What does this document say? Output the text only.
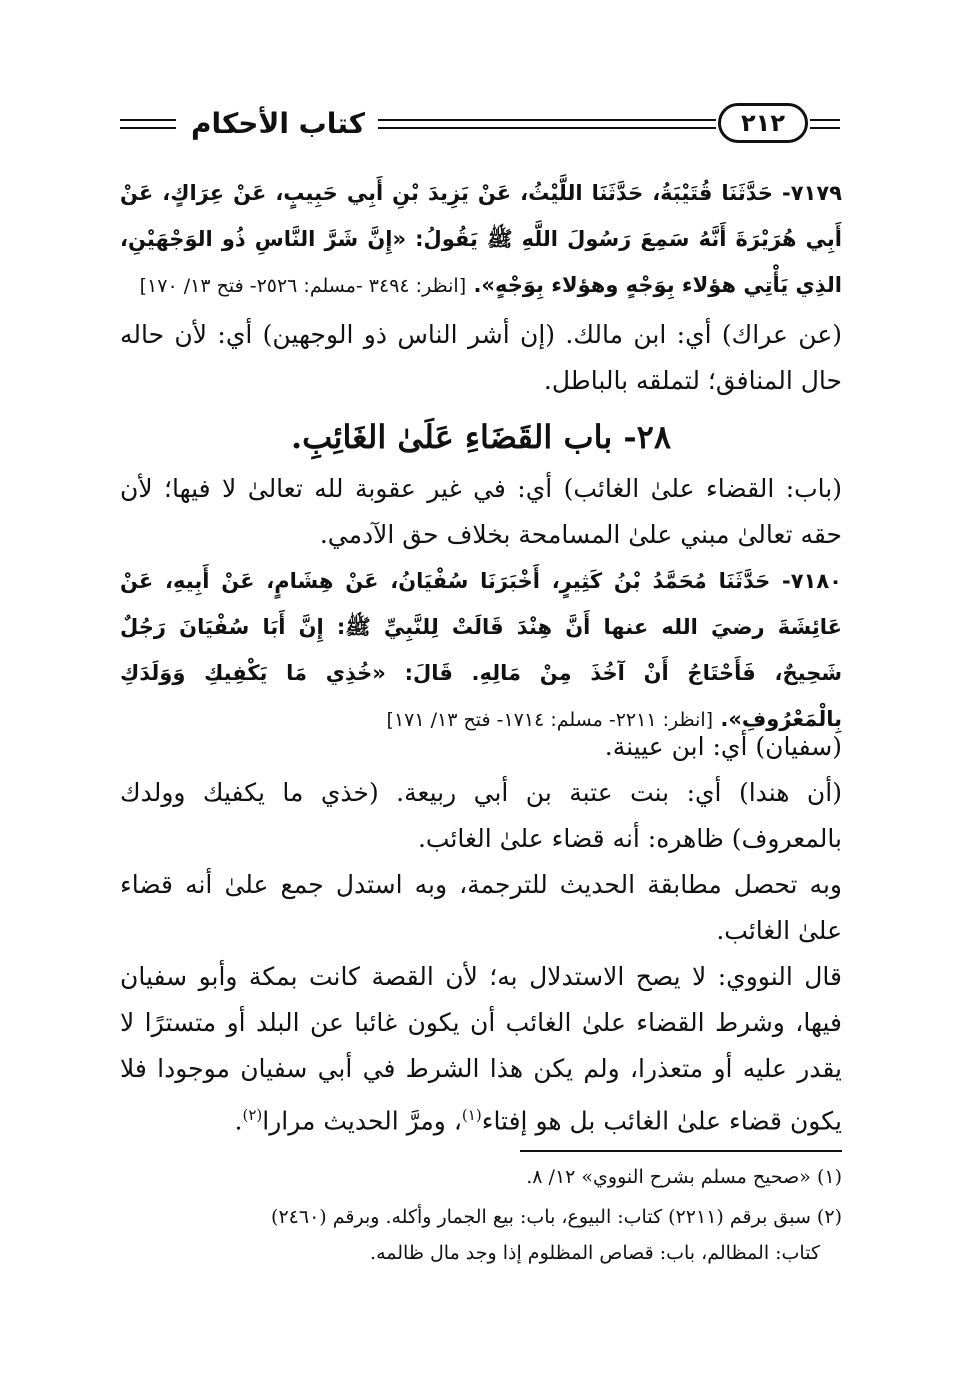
كتاب الأحكام	٢١٢
٧١٧٩- حَدَّثَنَا قُتَيْبَةُ، حَدَّثَنَا اللَّيْثُ، عَنْ يَزِيدَ بْنِ أَبِي حَبِيبٍ، عَنْ عِرَاكٍ، عَنْ أَبِي هُرَيْرَةَ أَنَّهُ سَمِعَ رَسُولَ اللَّهِ ﷺ يَقُولُ: «إِنَّ شَرَّ النَّاسِ ذُو الوَجْهَيْنِ، الذِي يَأْتِي هؤلاء بِوَجْهٍ وهؤلاء بِوَجْهٍ». [انظر: ٣٤٩٤ -مسلم: ٢٥٢٦- فتح ١٣/ ١٧٠]
(عن عراك) أي: ابن مالك. (إن أشر الناس ذو الوجهين) أي: لأن حاله حال المنافق؛ لتملقه بالباطل.
٢٨- باب القَضَاءِ عَلَىٰ الغَائِبِ.
(باب: القضاء علىٰ الغائب) أي: في غير عقوبة لله تعالىٰ لا فيها؛ لأن حقه تعالىٰ مبني علىٰ المسامحة بخلاف حق الآدمي.
٧١٨٠- حَدَّثَنَا مُحَمَّدُ بْنُ كَثِيرٍ، أَخْبَرَنَا سُفْيَانُ، عَنْ هِشَامٍ، عَنْ أَبِيهِ، عَنْ عَائِشَةَ رضيَ الله عنها أَنَّ هِنْدَ قَالَتْ لِلنَّبِيِّ ﷺ: إِنَّ أَبَا سُفْيَانَ رَجُلٌ شَحِيحٌ، فَأَحْتَاجُ أَنْ آخُذَ مِنْ مَالِهِ. قَالَ: «خُذِي مَا يَكْفِيكِ وَوَلَدَكِ بِالْمَعْرُوفِ». [انظر: ٢٢١١- مسلم: ١٧١٤- فتح ١٣/ ١٧١]
(سفيان) أي: ابن عيينة.
(أن هندا) أي: بنت عتبة بن أبي ربيعة. (خذي ما يكفيك وولدك بالمعروف) ظاهره: أنه قضاء علىٰ الغائب.
وبه تحصل مطابقة الحديث للترجمة، وبه استدل جمع علىٰ أنه قضاء علىٰ الغائب.
قال النووي: لا يصح الاستدلال به؛ لأن القصة كانت بمكة وأبو سفيان فيها، وشرط القضاء علىٰ الغائب أن يكون غائبا عن البلد أو متسترًا لا يقدر عليه أو متعذرا، ولم يكن هذا الشرط في أبي سفيان موجودا فلا يكون قضاء علىٰ الغائب بل هو إفتاء$^{(١)}$، ومرَّ الحديث مرارا$^{(٢)}$.
(١) «صحيح مسلم بشرح النووي» ١٢/ ٨.
(٢) سبق برقم (٢٢١١) كتاب: البيوع، باب: بيع الجمار وأكله. وبرقم (٢٤٦٠)
كتاب: المظالم، باب: قصاص المظلوم إذا وجد مال ظالمه.
